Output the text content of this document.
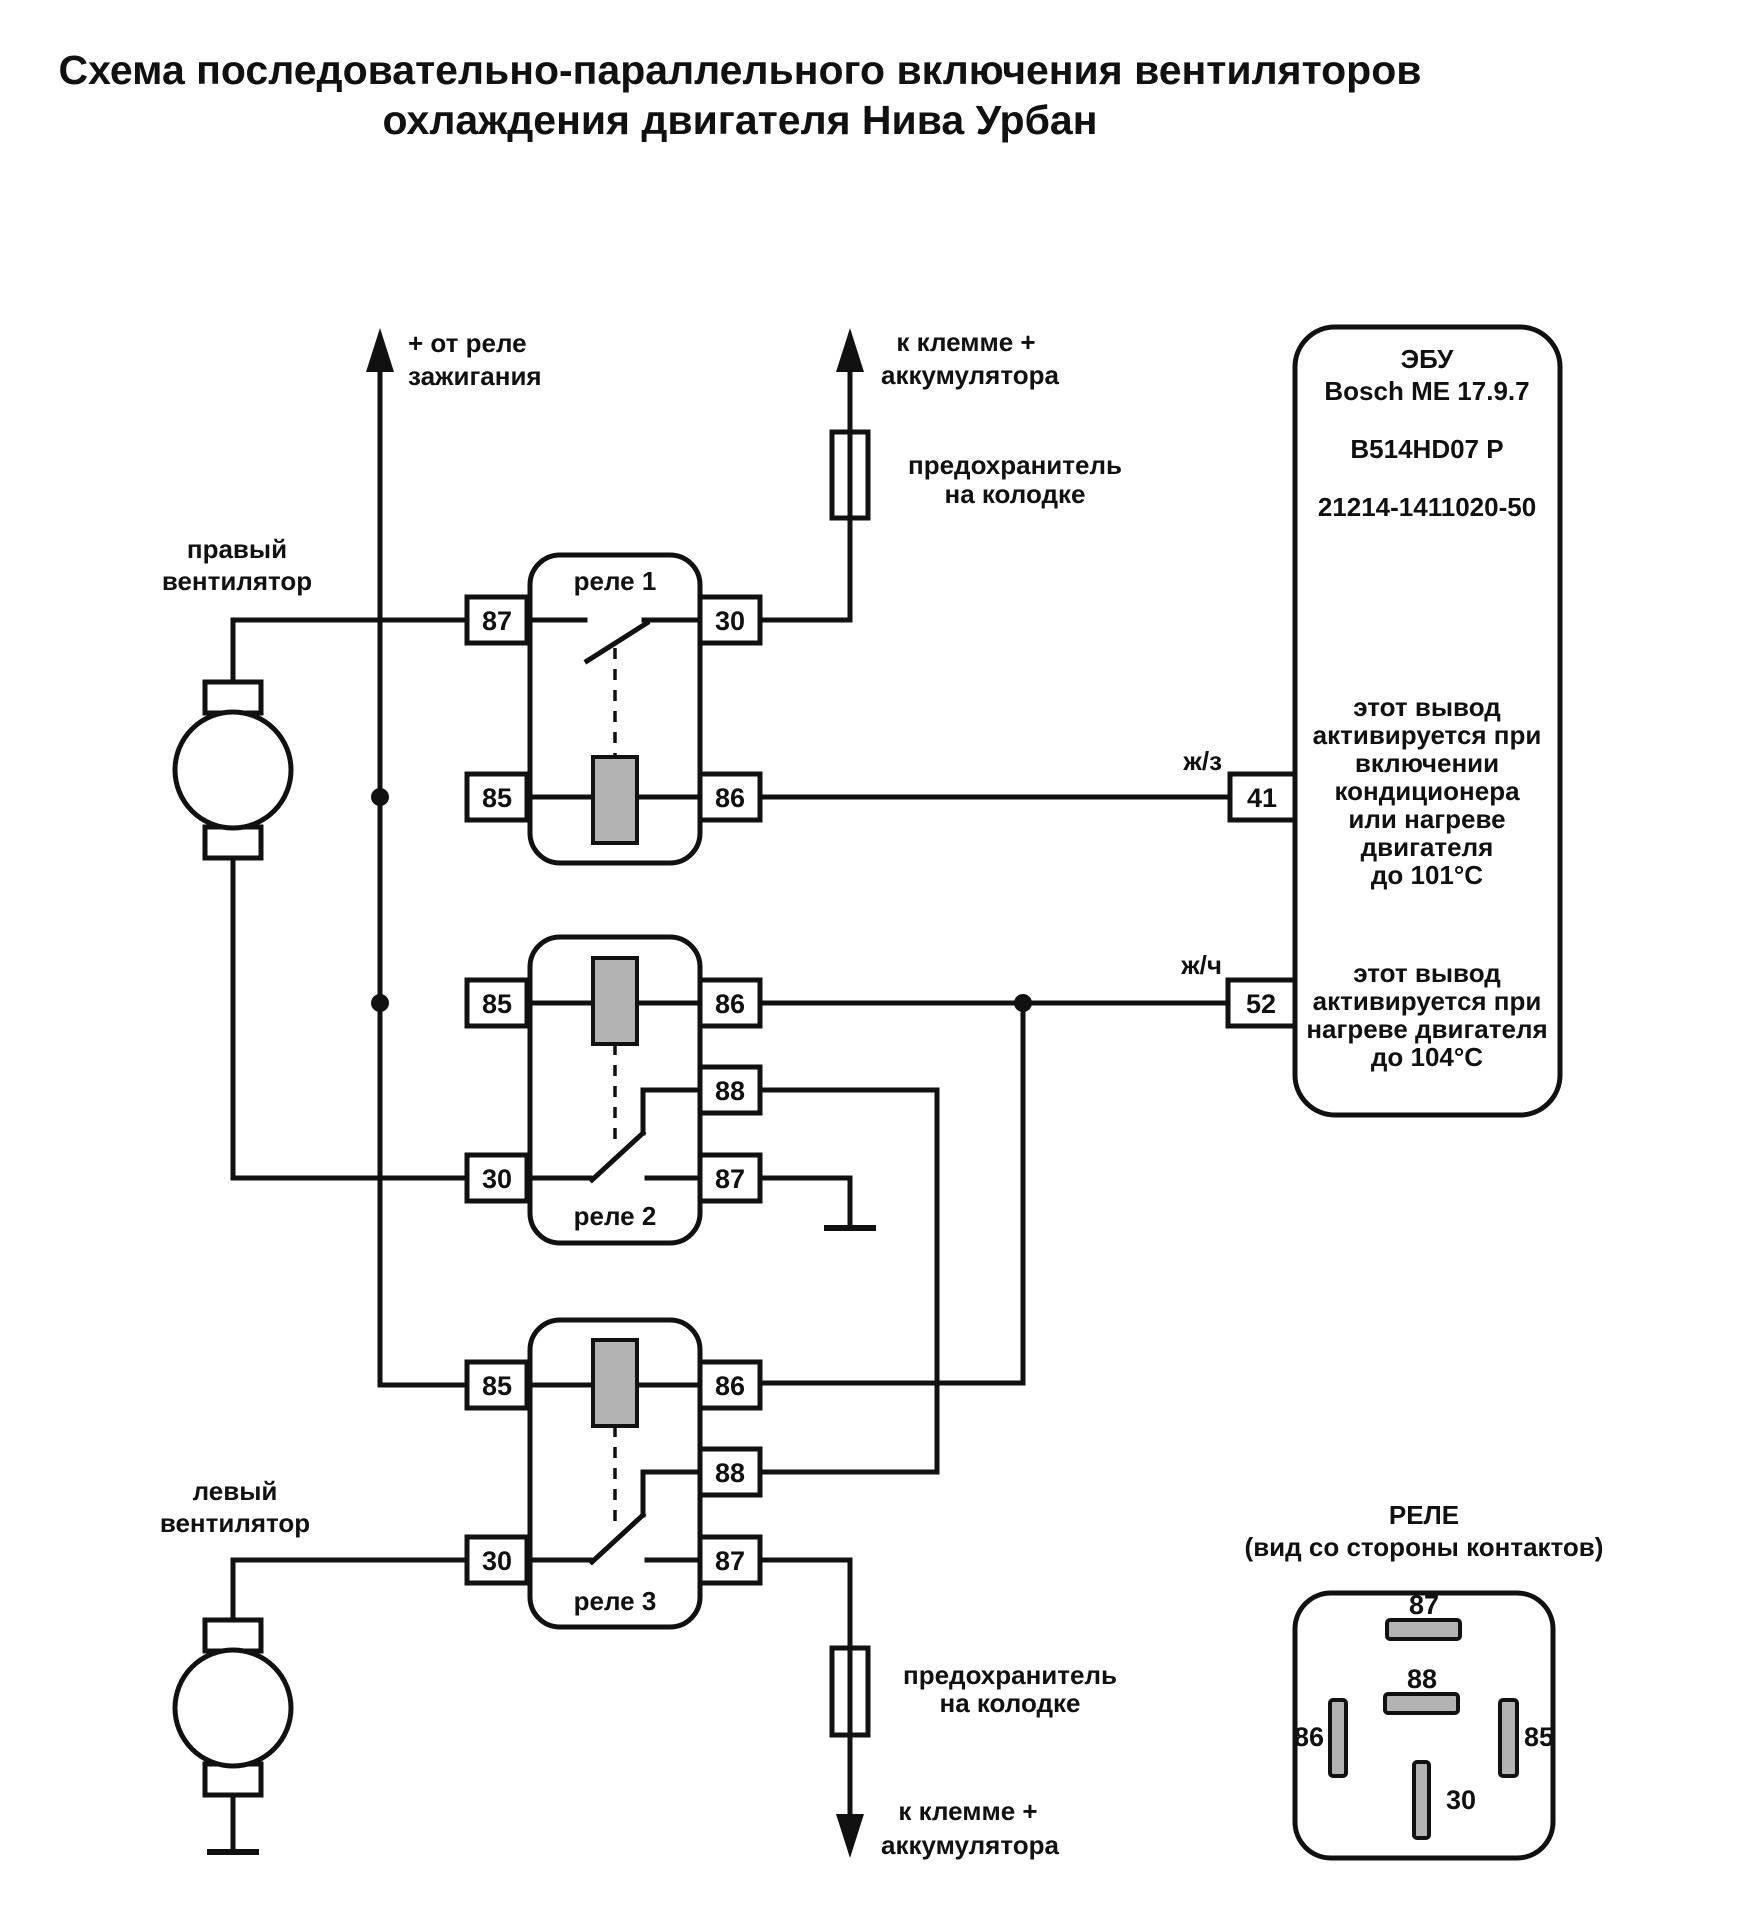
Схема последовательно-параллельного включения вентиляторов
охлаждения двигателя Нива Урбан
+ от реле
зажигания
правый
вентилятор
к клемме +
аккумулятора
предохранитель
на колодке
реле 1
87	30
85	86
реле 2
85	86
88
30	87
реле 3
85	86
88
30	87
предохранитель
на колодке
к клемме +
аккумулятора
левый
вентилятор
ЭБУ
Bosch ME 17.9.7
B514HD07 P
21214-1411020-50
ж/з
41
этот вывод
активируется при
включении
кондиционера
или нагреве
двигателя
до 101°С
ж/ч
52
этот вывод
активируется при
нагреве двигателя
до 104°С
РЕЛЕ
(вид со стороны контактов)
87
88
86	85
30
